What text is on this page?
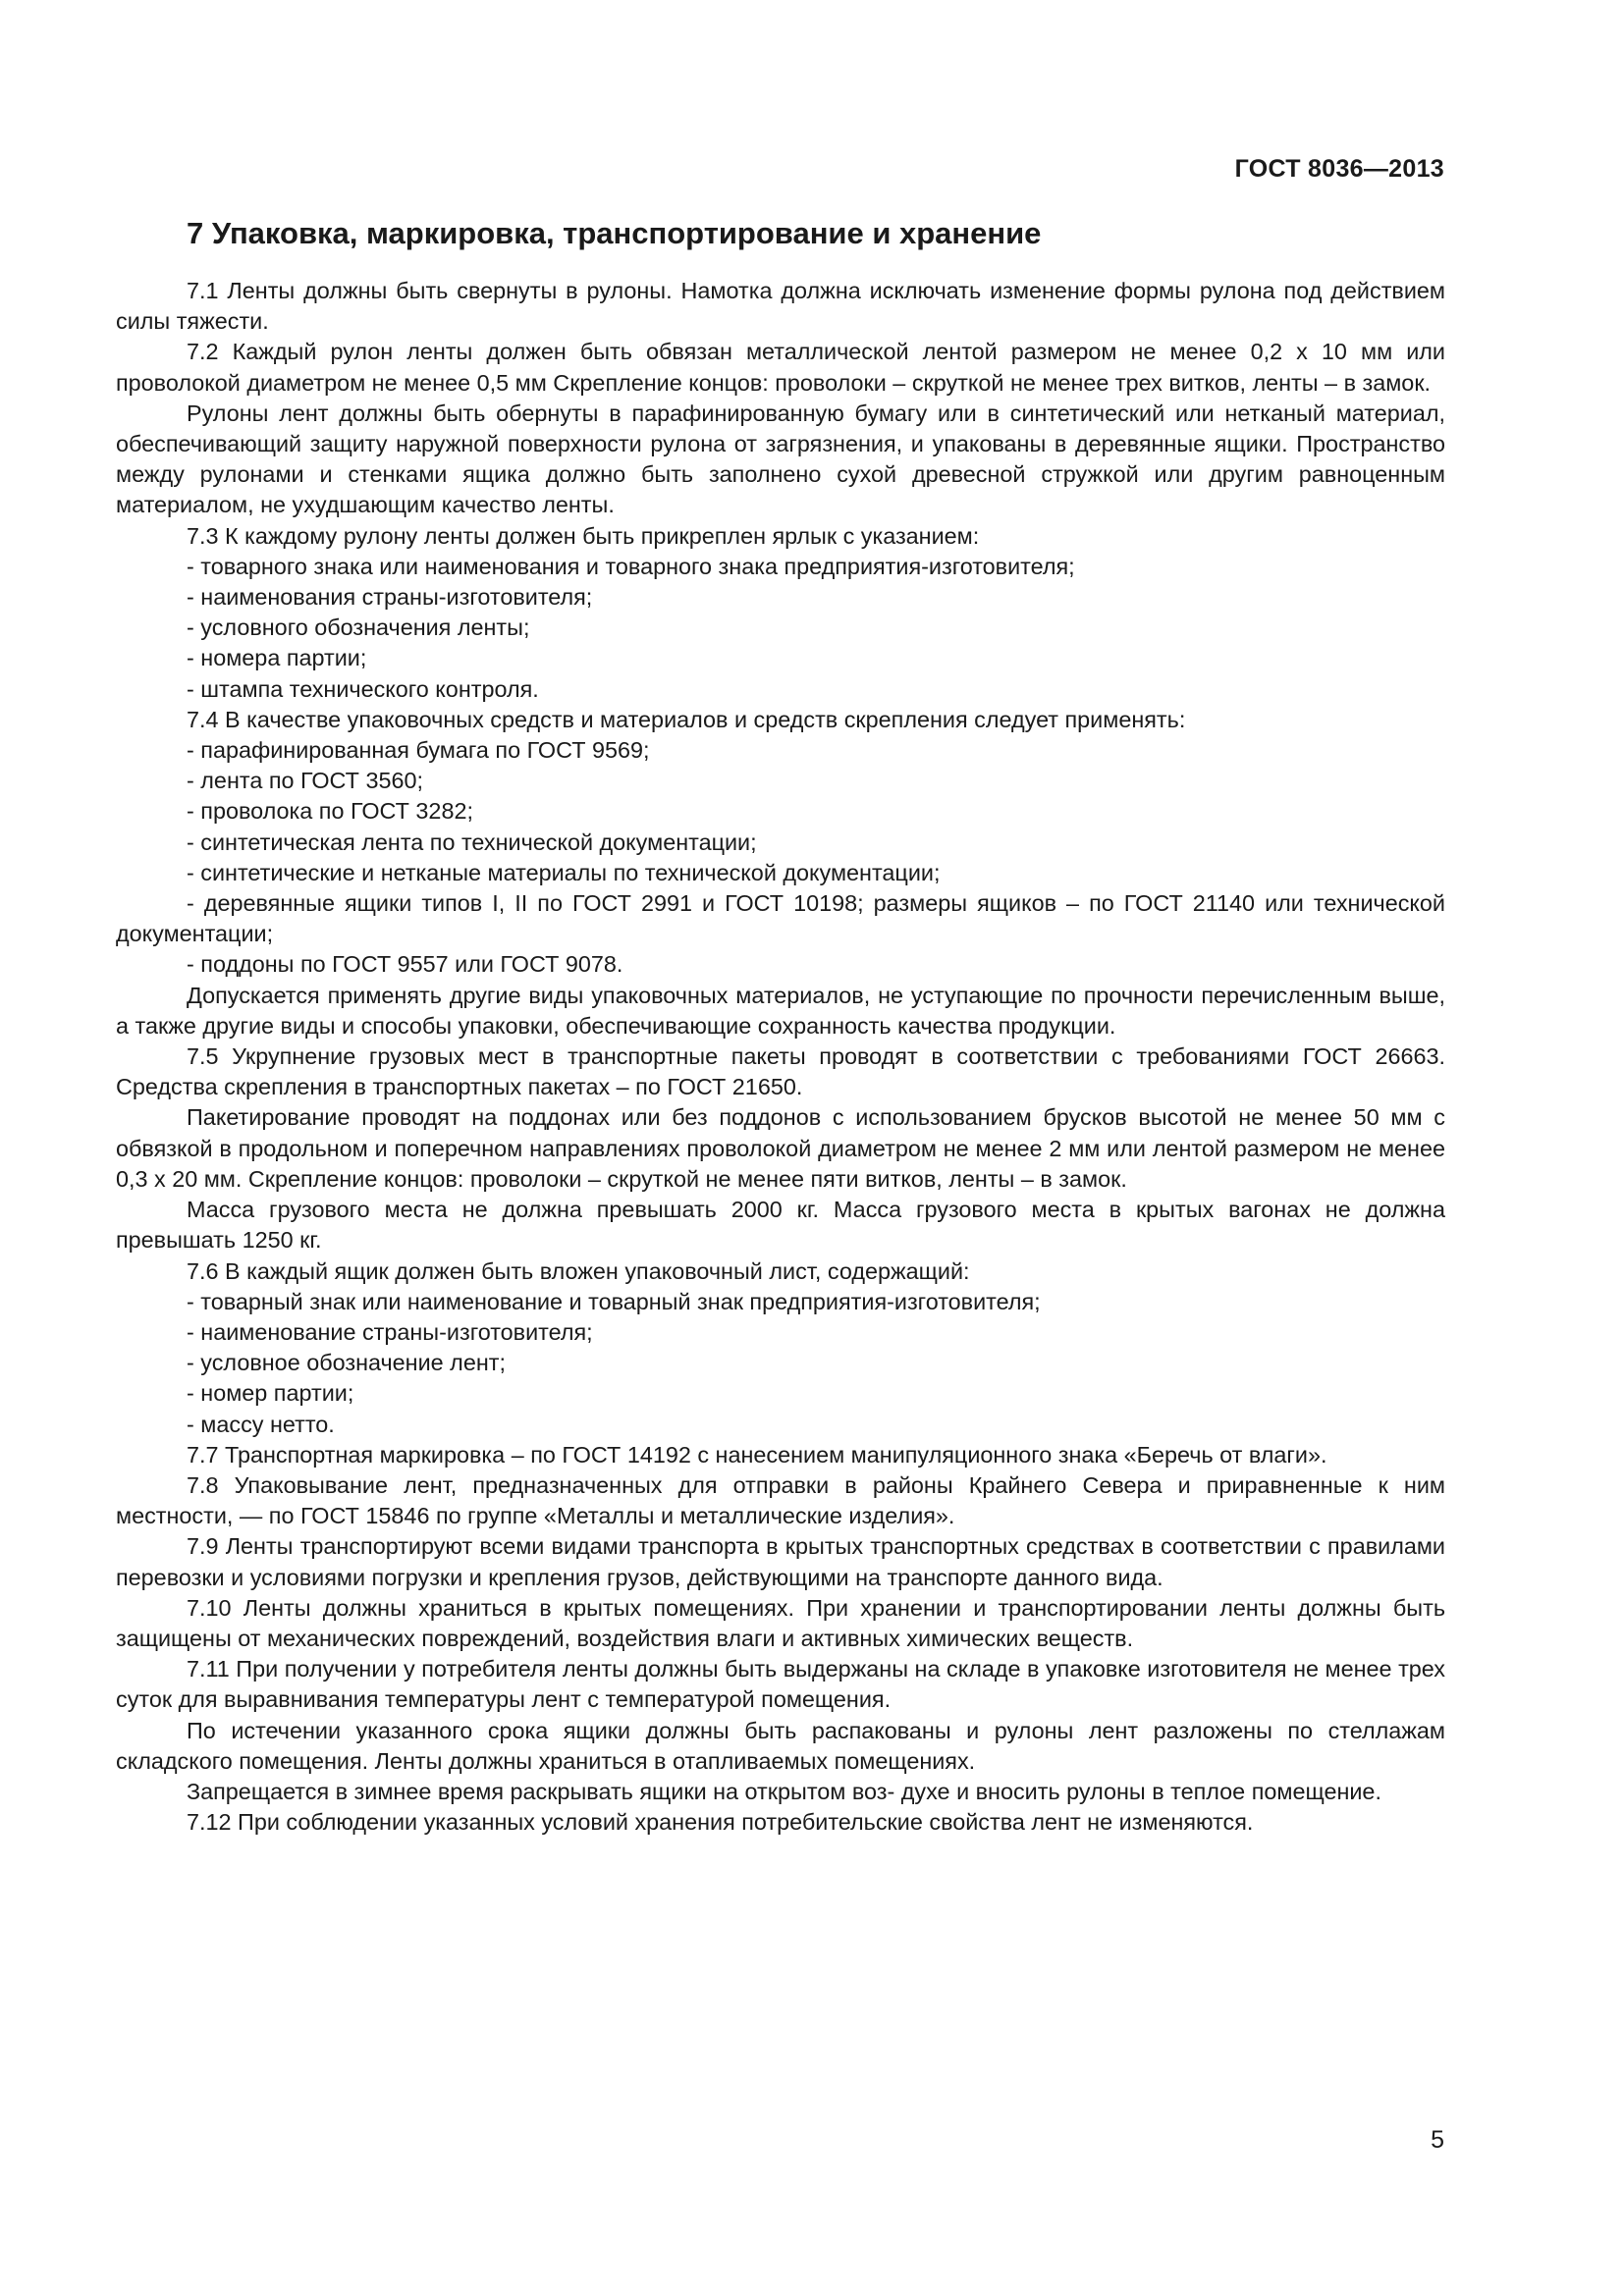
ГОСТ 8036—2013
7 Упаковка, маркировка, транспортирование и хранение

7.1 Ленты должны быть свернуты в рулоны. Намотка должна исключать изменение формы рулона под действием силы тяжести.

7.2 Каждый рулон ленты должен быть обвязан металлической лентой размером не менее 0,2 х 10 мм или проволокой диаметром не менее 0,5 мм Скрепление концов: проволоки – скруткой не менее трех витков, ленты – в замок.

Рулоны лент должны быть обернуты в парафинированную бумагу или в синтетический или нетканый материал, обеспечивающий защиту наружной поверхности рулона от загрязнения, и упакованы в деревянные ящики. Пространство между рулонами и стенками ящика должно быть заполнено сухой древесной стружкой или другим равноценным материалом, не ухудшающим качество ленты.

7.3 К каждому рулону ленты должен быть прикреплен ярлык с указанием:

- товарного знака или наименования и товарного знака предприятия-изготовителя;

- наименования страны-изготовителя;

- условного обозначения ленты;

- номера партии;

- штампа технического контроля.

7.4 В качестве упаковочных средств и материалов и средств скрепления следует применять:

- парафинированная бумага по ГОСТ 9569;

- лента по ГОСТ 3560;

- проволока по ГОСТ 3282;

- синтетическая лента по технической документации;

- синтетические и нетканые материалы по технической документации;

- деревянные ящики типов I, II по ГОСТ 2991 и ГОСТ 10198; размеры ящиков – по ГОСТ 21140 или технической документации;

- поддоны по ГОСТ 9557 или ГОСТ 9078.

Допускается применять другие виды упаковочных материалов, не уступающие по прочности перечисленным выше, а также другие виды и способы упаковки, обеспечивающие сохранность качества продукции.

7.5 Укрупнение грузовых мест в транспортные пакеты проводят в соответствии с требованиями ГОСТ 26663. Средства скрепления в транспортных пакетах – по ГОСТ 21650.

Пакетирование проводят на поддонах или без поддонов с использованием брусков высотой не менее 50 мм с обвязкой в продольном и поперечном направлениях проволокой диаметром не менее 2 мм или лентой размером не менее 0,3 х 20 мм. Скрепление концов: проволоки – скруткой не менее пяти витков, ленты – в замок.

Масса грузового места не должна превышать 2000 кг. Масса грузового места в крытых вагонах не должна превышать 1250 кг.

7.6 В каждый ящик должен быть вложен упаковочный лист, содержащий:

- товарный знак или наименование и товарный знак предприятия-изготовителя;

- наименование страны-изготовителя;

- условное обозначение лент;

- номер партии;

- массу нетто.

7.7 Транспортная маркировка – по ГОСТ 14192 с нанесением манипуляционного знака «Беречь от влаги».

7.8 Упаковывание лент, предназначенных для отправки в районы Крайнего Севера и приравненные к ним местности, — по ГОСТ 15846 по группе «Металлы и металлические изделия».

7.9 Ленты транспортируют всеми видами транспорта в крытых транспортных средствах в соответствии с правилами перевозки и условиями погрузки и крепления грузов, действующими на транспорте данного вида.

7.10 Ленты должны храниться в крытых помещениях. При хранении и транспортировании ленты должны быть защищены от механических повреждений, воздействия влаги и активных химических веществ.

7.11 При получении у потребителя ленты должны быть выдержаны на складе в упаковке изготовителя не менее трех суток для выравнивания температуры лент с температурой помещения.

По истечении указанного срока ящики должны быть распакованы и рулоны лент разложены по стеллажам складского помещения. Ленты должны храниться в отапливаемых помещениях.

Запрещается в зимнее время раскрывать ящики на открытом воз- духе и вносить рулоны в теплое помещение.

7.12 При соблюдении указанных условий хранения потребительские свойства лент не изменяются.

5
